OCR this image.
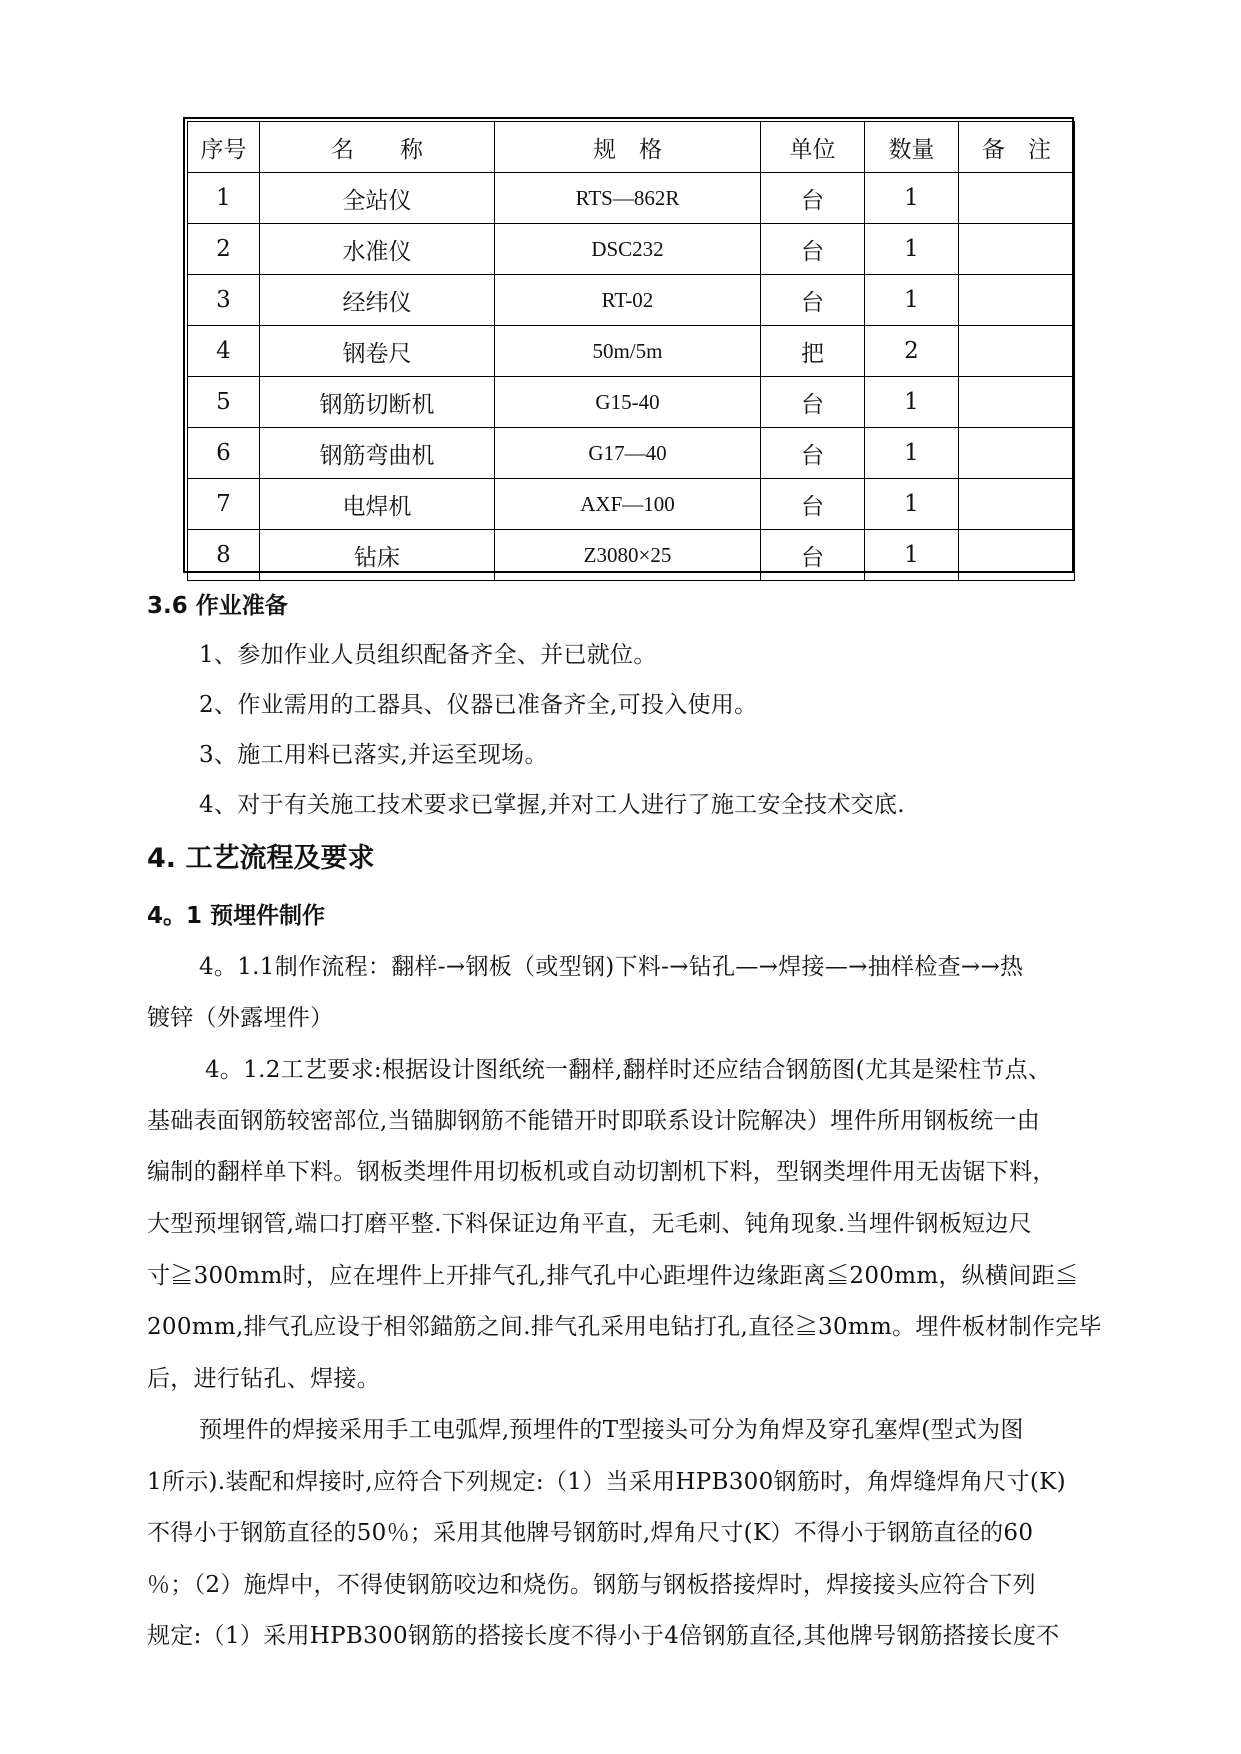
序号	名　　称	规　格	单位	数量	备　注
1	全站仪	RTS—862R	台	1	
2	水准仪	DSC232	台	1	
3	经纬仪	RT-02	台	1	
4	钢卷尺	50m/5m	把	2	
5	钢筋切断机	G15-40	台	1	
6	钢筋弯曲机	G17—40	台	1	
7	电焊机	AXF—100	台	1	
8	钻床	Z3080×25	台	1	
3.6 作业准备
1、参加作业人员组织配备齐全、并已就位。
2、作业需用的工器具、仪器已准备齐全,可投入使用。
3、施工用料已落实,并运至现场。
4、对于有关施工技术要求已掌握,并对工人进行了施工安全技术交底.
4. 工艺流程及要求
4。1 预埋件制作
4。1.1制作流程：翻样-→钢板（或型钢)下料-→钻孔—→焊接—→抽样检查→→热
镀锌（外露埋件）
4。1.2工艺要求:根据设计图纸统一翻样,翻样时还应结合钢筋图(尤其是梁柱节点、
基础表面钢筋较密部位,当锚脚钢筋不能错开时即联系设计院解决）埋件所用钢板统一由
编制的翻样单下料。钢板类埋件用切板机或自动切割机下料，型钢类埋件用无齿锯下料，
大型预埋钢管,端口打磨平整.下料保证边角平直，无毛刺、钝角现象.当埋件钢板短边尺
寸≧300mm时，应在埋件上开排气孔,排气孔中心距埋件边缘距离≦200mm，纵横间距≦
200mm,排气孔应设于相邻錨筋之间.排气孔采用电钻打孔,直径≧30mm。埋件板材制作完毕
后，进行钻孔、焊接。
预埋件的焊接采用手工电弧焊,预埋件的T型接头可分为角焊及穿孔塞焊(型式为图
1所示).装配和焊接时,应符合下列规定:（1）当采用HPB300钢筋时，角焊缝焊角尺寸(K)
不得小于钢筋直径的50％；采用其他牌号钢筋时,焊角尺寸(K）不得小于钢筋直径的60
％；（2）施焊中，不得使钢筋咬边和烧伤。钢筋与钢板搭接焊时，焊接接头应符合下列
规定:（1）采用HPB300钢筋的搭接长度不得小于4倍钢筋直径,其他牌号钢筋搭接长度不
